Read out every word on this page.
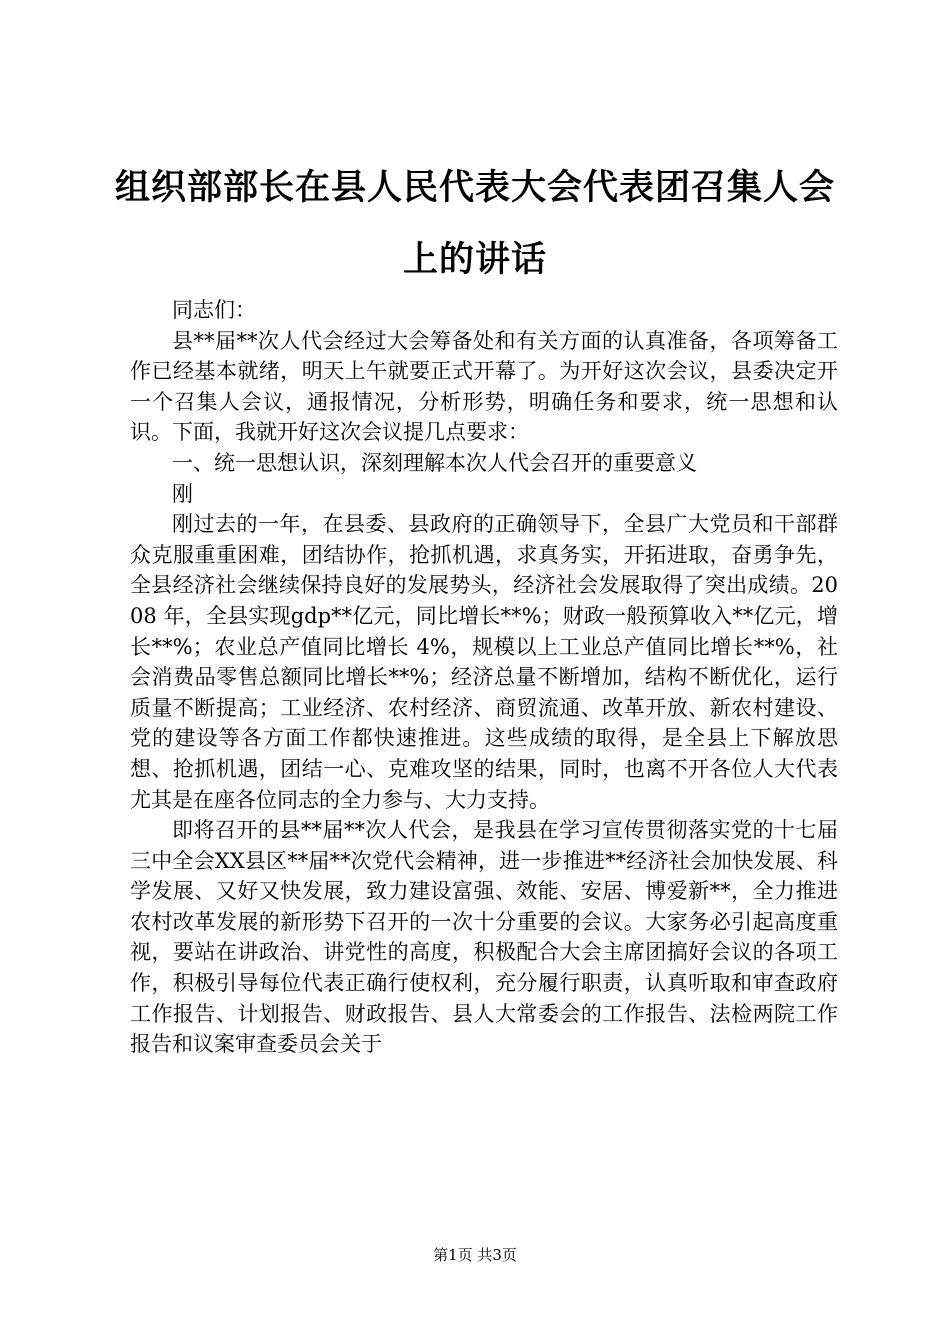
组织部部长在县人民代表大会代表团召集人会上的讲话

同志们：

县**届**次人代会经过大会筹备处和有关方面的认真准备，各项筹备工作已经基本就绪，明天上午就要正式开幕了。为开好这次会议，县委决定开一个召集人会议，通报情况，分析形势，明确任务和要求，统一思想和认识。下面，我就开好这次会议提几点要求：

一、统一思想认识，深刻理解本次人代会召开的重要意义

刚

刚过去的一年，在县委、县政府的正确领导下，全县广大党员和干部群众克服重重困难，团结协作，抢抓机遇，求真务实，开拓进取，奋勇争先，全县经济社会继续保持良好的发展势头，经济社会发展取得了突出成绩。2008 年，全县实现gdp**亿元，同比增长**%；财政一般预算收入**亿元，增长**%；农业总产值同比增长 4%，规模以上工业总产值同比增长**%，社会消费品零售总额同比增长**%；经济总量不断增加，结构不断优化，运行质量不断提高；工业经济、农村经济、商贸流通、改革开放、新农村建设、党的建设等各方面工作都快速推进。这些成绩的取得，是全县上下解放思想、抢抓机遇，团结一心、克难攻坚的结果，同时，也离不开各位人大代表尤其是在座各位同志的全力参与、大力支持。

即将召开的县**届**次人代会，是我县在学习宣传贯彻落实党的十七届三中全会XX县区**届**次党代会精神，进一步推进**经济社会加快发展、科学发展、又好又快发展，致力建设富强、效能、安居、博爱新**，全力推进农村改革发展的新形势下召开的一次十分重要的会议。大家务必引起高度重视，要站在讲政治、讲党性的高度，积极配合大会主席团搞好会议的各项工作，积极引导每位代表正确行使权利，充分履行职责，认真听取和审查政府工作报告、计划报告、财政报告、县人大常委会的工作报告、法检两院工作报告和议案审查委员会关于

第1页 共3页
